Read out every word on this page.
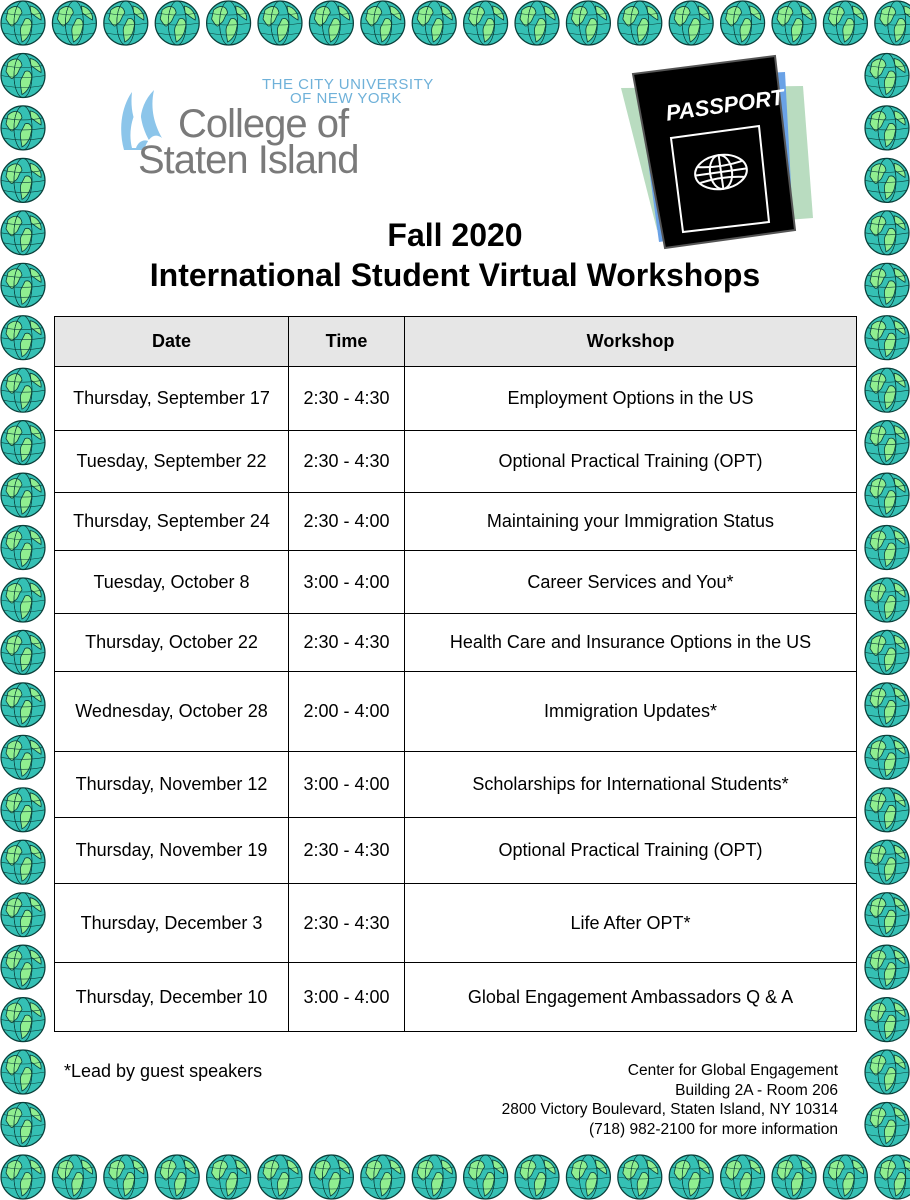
THE CITY UNIVERSITY
OF NEW YORK
College of
Staten Island
PASSPORT
Fall 2020
International Student Virtual Workshops
Date	Time	Workshop
Thursday, September 17	2:30 - 4:30	Employment Options in the US
Tuesday, September 22	2:30 - 4:30	Optional Practical Training (OPT)
Thursday, September 24	2:30 - 4:00	Maintaining your Immigration Status
Tuesday, October 8	3:00 - 4:00	Career Services and You*
Thursday, October 22	2:30 - 4:30	Health Care and Insurance Options in the US
Wednesday, October 28	2:00 - 4:00	Immigration Updates*
Thursday, November 12	3:00 - 4:00	Scholarships for International Students*
Thursday, November 19	2:30 - 4:30	Optional Practical Training (OPT)
Thursday, December 3	2:30 - 4:30	Life After OPT*
Thursday, December 10	3:00 - 4:00	Global Engagement Ambassadors Q & A
*Lead by guest speakers	Center for Global Engagement
Building 2A - Room 206
2800 Victory Boulevard, Staten Island, NY 10314
(718) 982-2100 for more information
